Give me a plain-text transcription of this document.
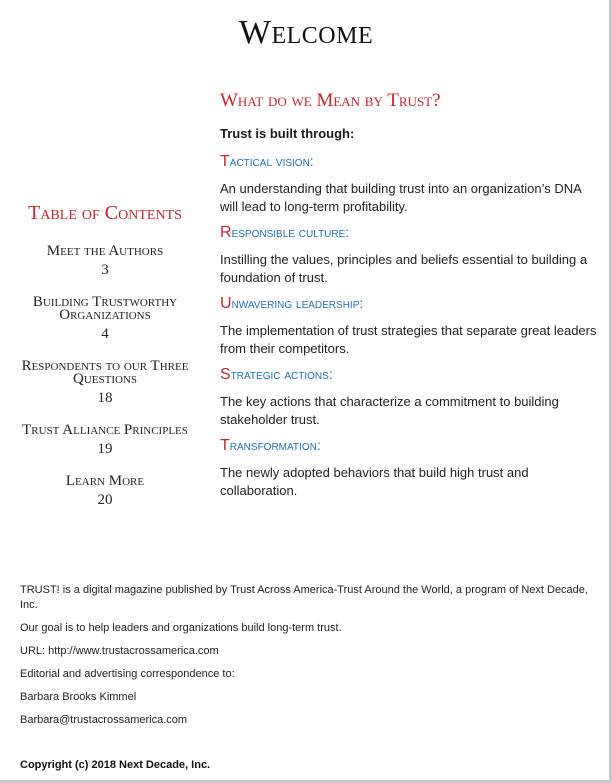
Welcome
Table of Contents
Meet the Authors
3
Building Trustworthy Organizations
4
Respondents to our Three Questions
18
Trust Alliance Principles
19
Learn More
20
What do we Mean by Trust?
Trust is built through:
Tactical vision:
An understanding that building trust into an organization’s DNA will lead to long-term profitability.
Responsible culture:
Instilling the values, principles and beliefs essential to building a foundation of trust.
Unwavering leadership:
The implementation of trust strategies that separate great leaders from their competitors.
Strategic actions:
The key actions that characterize a commitment to building stakeholder trust.
Transformation:
The newly adopted behaviors that build high trust and collaboration.

TRUST! is a digital magazine published by Trust Across America-Trust Around the World, a program of Next Decade, Inc.

Our goal is to help leaders and organizations build long-term trust.

URL: http://www.trustacrossamerica.com

Editorial and advertising correspondence to:

Barbara Brooks Kimmel

Barbara@trustacrossamerica.com

Copyright (c) 2018 Next Decade, Inc.
